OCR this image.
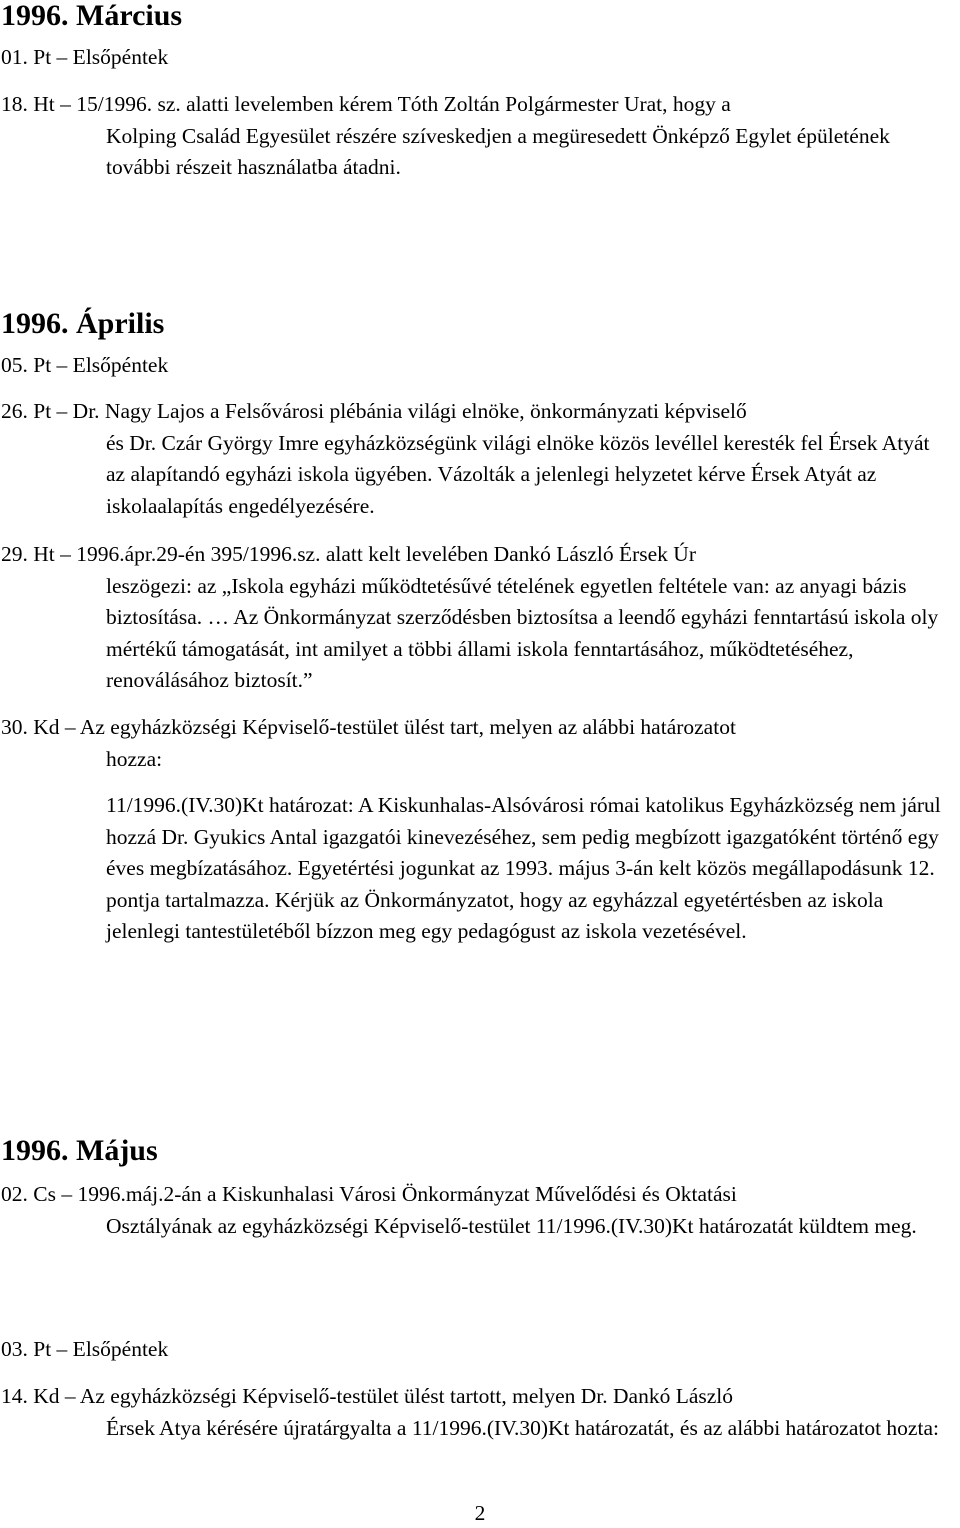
1996. Március
01. Pt – Elsőpéntek
18. Ht – 15/1996. sz. alatti levelemben kérem Tóth Zoltán Polgármester Urat, hogy a
Kolping Család Egyesület részére szíveskedjen a megüresedett Önképző Egylet épületének további részeit használatba átadni.
1996. Április
05. Pt – Elsőpéntek
26. Pt – Dr. Nagy Lajos a Felsővárosi plébánia világi elnöke, önkormányzati képviselő
és Dr. Czár György Imre egyházközségünk világi elnöke közös levéllel keresték fel Érsek Atyát az alapítandó egyházi iskola ügyében. Vázolták a jelenlegi helyzetet kérve Érsek Atyát az iskolaalapítás engedélyezésére.
29. Ht – 1996.ápr.29-én 395/1996.sz. alatt kelt levelében Dankó László Érsek Úr
leszögezi: az „Iskola egyházi működtetésűvé tételének egyetlen feltétele van: az anyagi bázis biztosítása. … Az Önkormányzat szerződésben biztosítsa a leendő egyházi fenntartású iskola oly mértékű támogatását, int amilyet a többi állami iskola fenntartásához, működtetéséhez, renoválásához biztosít.”
30. Kd – Az egyházközségi Képviselő-testület ülést tart, melyen az alábbi határozatot
hozza:
11/1996.(IV.30)Kt határozat: A Kiskunhalas-Alsóvárosi római katolikus Egyházközség nem járul hozzá Dr. Gyukics Antal igazgatói kinevezéséhez, sem pedig megbízott igazgatóként történő egy éves megbízatásához. Egyetértési jogunkat az 1993. május 3-án kelt közös megállapodásunk 12. pontja tartalmazza. Kérjük az Önkormányzatot, hogy az egyházzal egyetértésben az iskola jelenlegi tantestületéből bízzon meg egy pedagógust az iskola vezetésével.
1996. Május
02. Cs – 1996.máj.2-án a Kiskunhalasi Városi Önkormányzat Művelődési és Oktatási
Osztályának az egyházközségi Képviselő-testület 11/1996.(IV.30)Kt határozatát küldtem meg.
03. Pt – Elsőpéntek
14. Kd – Az egyházközségi Képviselő-testület ülést tartott, melyen Dr. Dankó László
Érsek Atya kérésére újratárgyalta a 11/1996.(IV.30)Kt határozatát, és az alábbi határozatot hozta:
2
